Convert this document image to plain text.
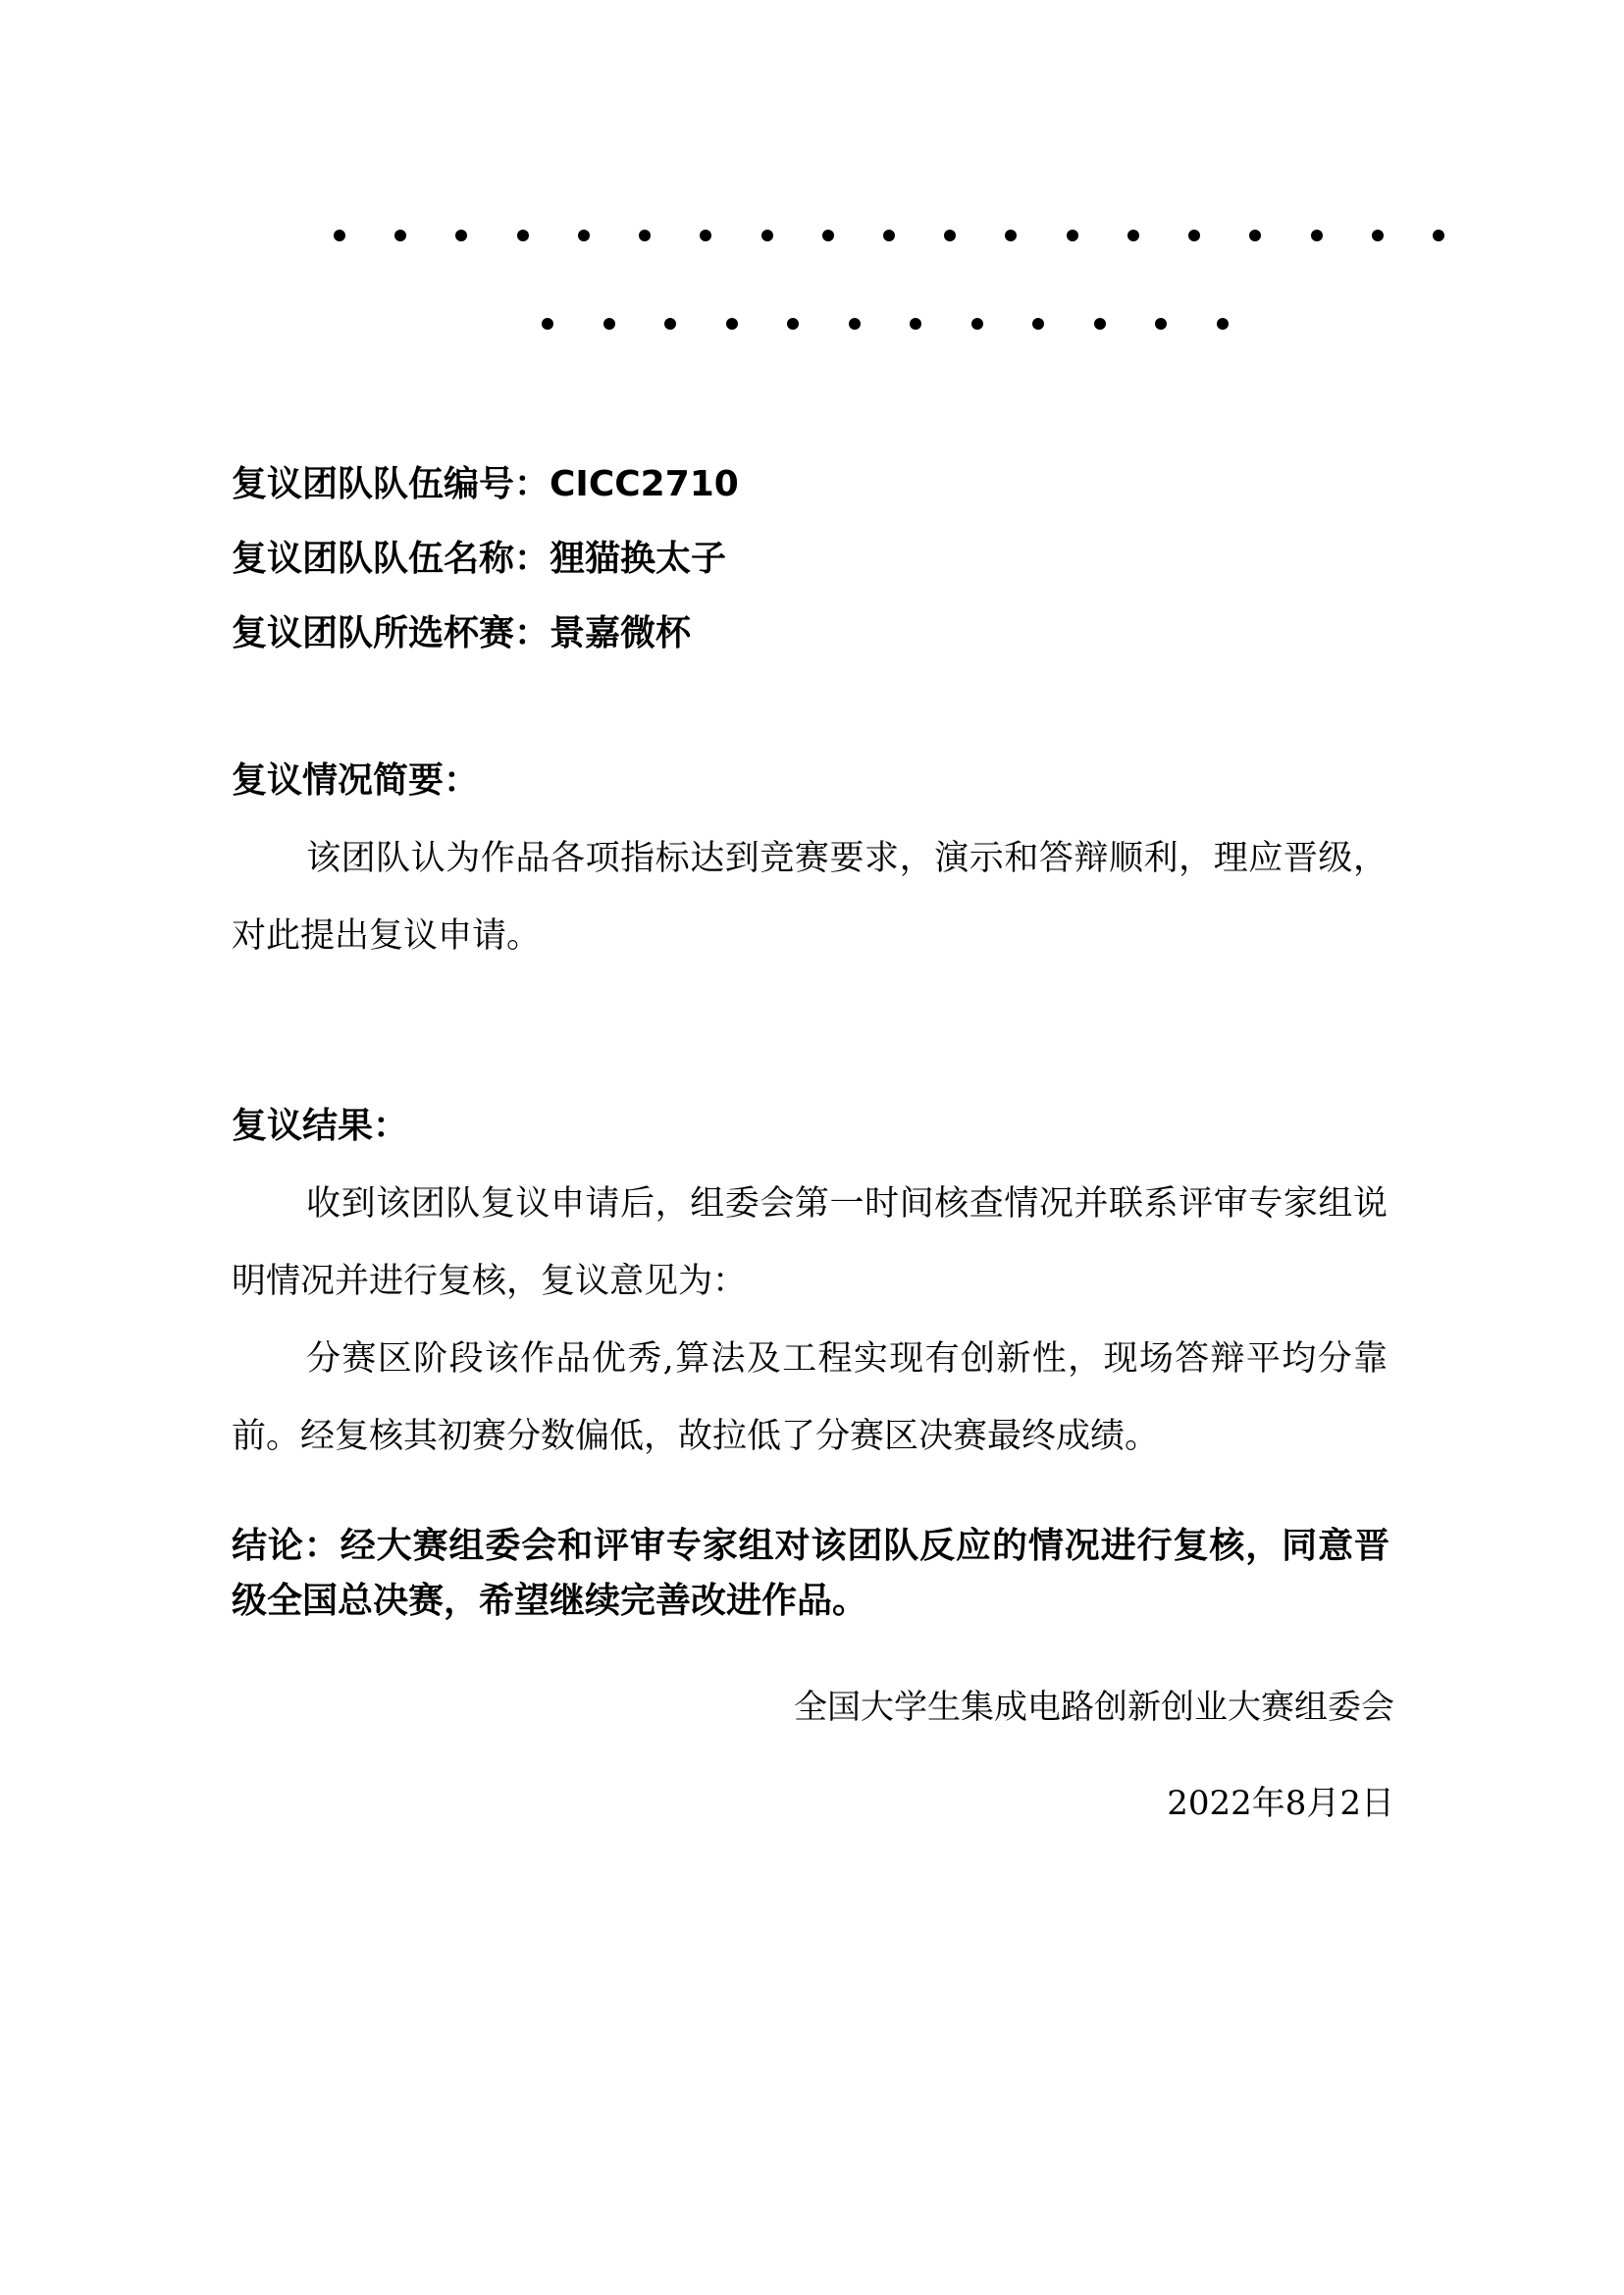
复议团队队伍编号：CICC2710
复议团队队伍名称：狸猫换太子
复议团队所选杯赛：景嘉微杯
复议情况简要：

该团队认为作品各项指标达到竞赛要求，演示和答辩顺利，理应晋级，对此提出复议申请。

复议结果：

收到该团队复议申请后，组委会第一时间核查情况并联系评审专家组说明情况并进行复核，复议意见为：

分赛区阶段该作品优秀,算法及工程实现有创新性，现场答辩平均分靠前。经复核其初赛分数偏低，故拉低了分赛区决赛最终成绩。

结论：经大赛组委会和评审专家组对该团队反应的情况进行复核，同意晋级全国总决赛，希望继续完善改进作品。

全国大学生集成电路创新创业大赛组委会
2022年8月2日
